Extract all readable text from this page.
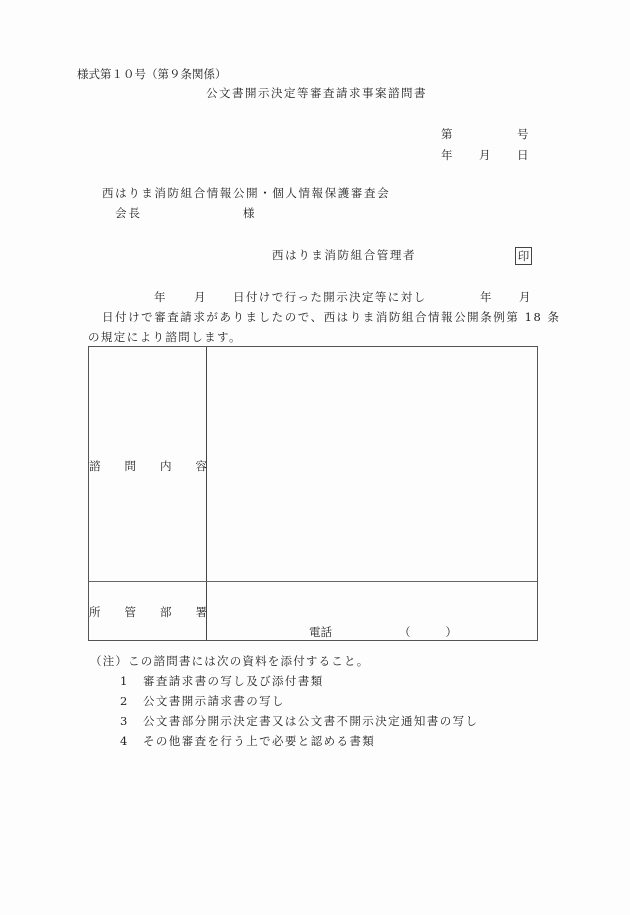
様式第１０号（第９条関係）
公文書開示決定等審査請求事案諮問書
第	号
年 月 日
西はりま消防組合情報公開・個人情報保護審査会
会長	様
西はりま消防組合管理者	印
年 月 日付けで行った開示決定等に対し	年 月
日付けで審査請求がありましたので、西はりま消防組合情報公開条例第 18 条
の規定により諮問します。
諮 問 内 容
所 管 部 署
電話	（　　）
（注）この諮問書には次の資料を添付すること。
1 審査請求書の写し及び添付書類
2 公文書開示請求書の写し
3 公文書部分開示決定書又は公文書不開示決定通知書の写し
4 その他審査を行う上で必要と認める書類
